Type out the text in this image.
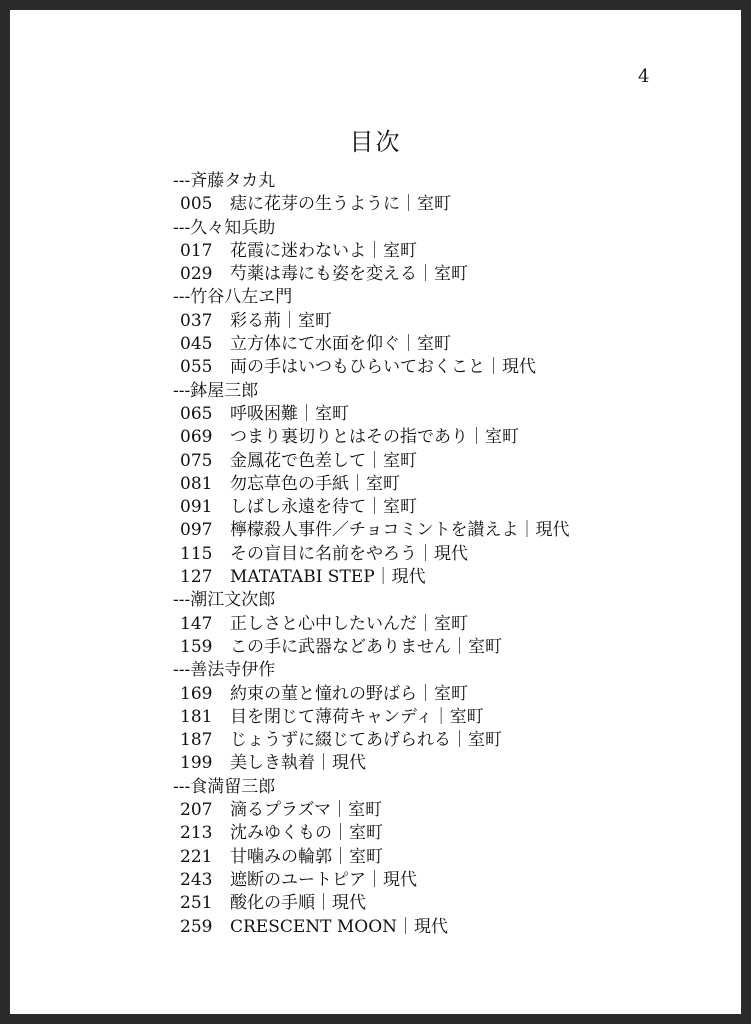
4
目次
---斉藤タカ丸
005	痣に花芽の生うように｜室町
---久々知兵助
017	花霞に迷わないよ｜室町
029	芍薬は毒にも姿を変える｜室町
---竹谷八左ヱ門
037	彩る荊｜室町
045	立方体にて水面を仰ぐ｜室町
055	両の手はいつもひらいておくこと｜現代
---鉢屋三郎
065	呼吸困難｜室町
069	つまり裏切りとはその指であり｜室町
075	金鳳花で色差して｜室町
081	勿忘草色の手紙｜室町
091	しばし永遠を待て｜室町
097	檸檬殺人事件／チョコミントを讃えよ｜現代
115	その盲目に名前をやろう｜現代
127	MATATABI STEP｜現代
---潮江文次郎
147	正しさと心中したいんだ｜室町
159	この手に武器などありません｜室町
---善法寺伊作
169	約束の菫と憧れの野ばら｜室町
181	目を閉じて薄荷キャンディ｜室町
187	じょうずに綴じてあげられる｜室町
199	美しき執着｜現代
---食満留三郎
207	滴るプラズマ｜室町
213	沈みゆくもの｜室町
221	甘噛みの輪郭｜室町
243	遮断のユートピア｜現代
251	酸化の手順｜現代
259	CRESCENT MOON｜現代
